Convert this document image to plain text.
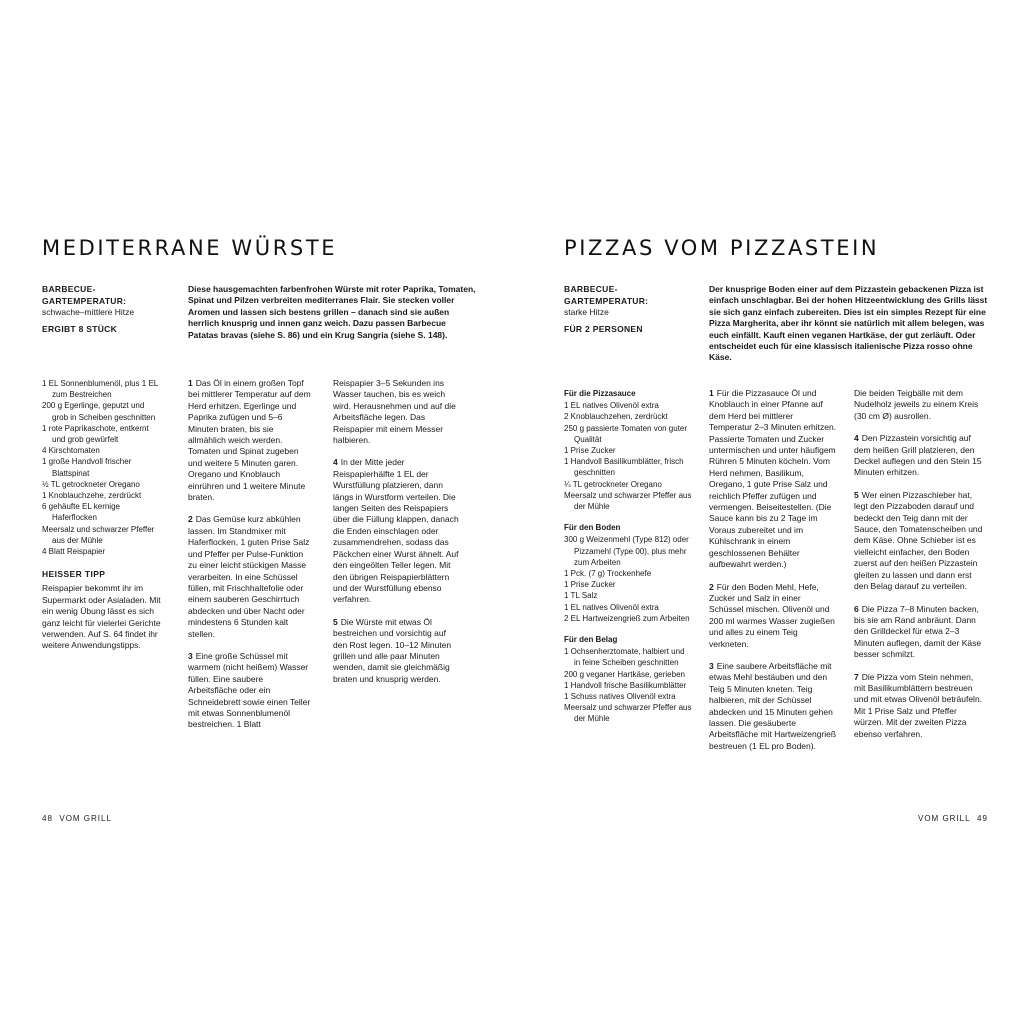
MEDITERRANE WÜRSTE
BARBECUE-
GARTEMPERATUR:
schwache–mittlere Hitze
ERGIBT 8 STÜCK
Diese hausgemachten farbenfrohen Würste mit roter Paprika, Tomaten, Spinat und Pilzen verbreiten mediterranes Flair. Sie stecken voller Aromen und lassen sich bestens grillen – danach sind sie außen herrlich knusprig und innen ganz weich. Dazu passen Barbecue Patatas bravas (siehe S. 86) und ein Krug Sangria (siehe S. 148).
1 EL Sonnenblumenöl, plus 1 EL zum Bestreichen
200 g Egerlinge, geputzt und grob in Scheiben geschnitten
1 rote Paprikaschote, entkernt und grob gewürfelt
4 Kirschtomaten
1 große Handvoll frischer Blattspinat
½ TL getrockneter Oregano
1 Knoblauchzehe, zerdrückt
6 gehäufte EL kernige Haferflocken
Meersalz und schwarzer Pfeffer aus der Mühle
4 Blatt Reispapier
HEISSER TIPP
Reispapier bekommt ihr im Supermarkt oder Asialaden. Mit ein wenig Übung lässt es sich ganz leicht für vielerlei Gerichte verwenden. Auf S. 64 findet ihr weitere Anwendungstipps.
1 Das Öl in einem großen Topf bei mittlerer Temperatur auf dem Herd erhitzen. Egerlinge und Paprika zufügen und 5–6 Minuten braten, bis sie allmählich weich werden. Tomaten und Spinat zugeben und weitere 5 Minuten garen. Oregano und Knoblauch einrühren und 1 weitere Minute braten.
2 Das Gemüse kurz abkühlen lassen. Im Standmixer mit Haferflocken, 1 guten Prise Salz und Pfeffer per Pulse-Funktion zu einer leicht stückigen Masse verarbeiten. In eine Schüssel füllen, mit Frischhaltefolie oder einem sauberen Geschirrtuch abdecken und über Nacht oder mindestens 6 Stunden kalt stellen.
3 Eine große Schüssel mit warmem (nicht heißem) Wasser füllen. Eine saubere Arbeitsfläche oder ein Schneidebrett sowie einen Teller mit etwas Sonnenblumenöl bestreichen. 1 Blatt
Reispapier 3–5 Sekunden ins Wasser tauchen, bis es weich wird. Herausnehmen und auf die Arbeitsfläche legen. Das Reispapier mit einem Messer halbieren.
4 In der Mitte jeder Reispapierhälfte 1 EL der Wurstfüllung platzieren, dann längs in Wurstform verteilen. Die langen Seiten des Reispapiers über die Füllung klappen, danach die Enden einschlagen oder zusammendrehen, sodass das Päckchen einer Wurst ähnelt. Auf den eingeölten Teller legen. Mit den übrigen Reispapierblättern und der Wurstfüllung ebenso verfahren.
5 Die Würste mit etwas Öl bestreichen und vorsichtig auf den Rost legen. 10–12 Minuten grillen und alle paar Minuten wenden, damit sie gleichmäßig braten und knusprig werden.
48 VOM GRILL
PIZZAS VOM PIZZASTEIN
BARBECUE-
GARTEMPERATUR:
starke Hitze
FÜR 2 PERSONEN
Der knusprige Boden einer auf dem Pizzastein gebackenen Pizza ist einfach unschlagbar. Bei der hohen Hitzeentwicklung des Grills lässt sie sich ganz einfach zubereiten. Dies ist ein simples Rezept für eine Pizza Margherita, aber ihr könnt sie natürlich mit allem belegen, was euch einfällt. Kauft einen veganen Hartkäse, der gut zerläuft. Oder entscheidet euch für eine klassisch italienische Pizza rosso ohne Käse.
Für die Pizzasauce
1 EL natives Olivenöl extra
2 Knoblauchzehen, zerdrückt
250 g passierte Tomaten von guter Qualität
1 Prise Zucker
1 Handvoll Basilikumblätter, frisch geschnitten
¼ TL getrockneter Oregano
Meersalz und schwarzer Pfeffer aus der Mühle
Für den Boden
300 g Weizenmehl (Type 812) oder Pizzamehl (Type 00), plus mehr zum Arbeiten
1 Pck. (7 g) Trockenhefe
1 Prise Zucker
1 TL Salz
1 EL natives Olivenöl extra
2 EL Hartweizengrieß zum Arbeiten
Für den Belag
1 Ochsenherztomate, halbiert und in feine Scheiben geschnitten
200 g veganer Hartkäse, gerieben
1 Handvoll frische Basilikumblätter
1 Schuss natives Olivenöl extra
Meersalz und schwarzer Pfeffer aus der Mühle
1 Für die Pizzasauce Öl und Knoblauch in einer Pfanne auf dem Herd bei mittlerer Temperatur 2–3 Minuten erhitzen. Passierte Tomaten und Zucker untermischen und unter häufigem Rühren 5 Minuten köcheln. Vom Herd nehmen, Basilikum, Oregano, 1 gute Prise Salz und reichlich Pfeffer zufügen und vermengen. Beiseitestellen. (Die Sauce kann bis zu 2 Tage im Voraus zubereitet und im Kühlschrank in einem geschlossenen Behälter aufbewahrt werden.)
2 Für den Boden Mehl, Hefe, Zucker und Salz in einer Schüssel mischen. Olivenöl und 200 ml warmes Wasser zugießen und alles zu einem Teig verkneten.
3 Eine saubere Arbeitsfläche mit etwas Mehl bestäuben und den Teig 5 Minuten kneten. Teig halbieren, mit der Schüssel abdecken und 15 Minuten gehen lassen. Die gesäuberte Arbeitsfläche mit Hartweizengrieß bestreuen (1 EL pro Boden).
Die beiden Teigbälle mit dem Nudelholz jeweils zu einem Kreis (30 cm Ø) ausrollen.
4 Den Pizzastein vorsichtig auf dem heißen Grill platzieren, den Deckel auflegen und den Stein 15 Minuten erhitzen.
5 Wer einen Pizzaschieber hat, legt den Pizzaboden darauf und bedeckt den Teig dann mit der Sauce, den Tomatenscheiben und dem Käse. Ohne Schieber ist es vielleicht einfacher, den Boden zuerst auf den heißen Pizzastein gleiten zu lassen und dann erst den Belag darauf zu verteilen.
6 Die Pizza 7–8 Minuten backen, bis sie am Rand anbräunt. Dann den Grilldeckel für etwa 2–3 Minuten auflegen, damit der Käse besser schmilzt.
7 Die Pizza vom Stein nehmen, mit Basilikumblättern bestreuen und mit etwas Olivenöl beträufeln. Mit 1 Prise Salz und Pfeffer würzen. Mit der zweiten Pizza ebenso verfahren.
VOM GRILL 49
